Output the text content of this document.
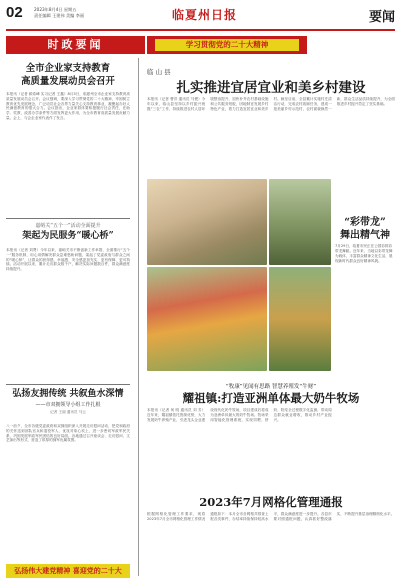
02	2023年8月4日 星期五
责任编辑 王建伟 美编 李丽	临夏州日报	要闻
时政要闻	学习贯彻党的二十大精神
全市企业家支持教育
高质量发展动员会召开
本报讯（记者 顾希峰 实习记者 王鑫）8月3日，临夏州全市企业家支持教育高质量发展动员会召开。会议强调，要深入学习贯彻党的二十大精神，牢固树立教育优先发展理念，广泛动员社会各界力量关心支持教育事业，凝聚起办好人民满意教育的强大合力。会议指出，企业家群体要积极履行社会责任，在助学、奖教、改善办学条件等方面发挥更大作用，为全市教育高质量发展贡献力量。会上，与会企业家代表作了发言。
嘉峪关“五个一”活动全面提升
架起为民服务“暖心桥”
本报讯（记者 刘贤）今年以来，嘉峪关市不断创新工作举措，全面推行“五个一”服务机制，用心用情解决群众急难愁盼问题，架起了党委政府与群众之间的“暖心桥”，让群众的获得感、幸福感、安全感更加充实、更有保障、更可持续。活动开展以来，累计走访群众数千户，解决实际问题数百件，群众满意度持续提升。
弘扬友拥传统 共叙鱼水深情
——市双拥领导小组工作扎根
记者 王丽 通讯员 马云
八一前夕，全市各级党委政府和双拥组织深入开展走访慰问活动，把党和政府的关怀送到部队官兵和退役军人、优抚对象心坎上，进一步密切军政军民关系，巩固发展军政军民团结的良好局面。各地通过召开座谈会、走访慰问、文艺演出等形式，营造了浓厚的拥军优属氛围。
弘扬伟大建党精神 喜迎党的二十大
临 山 县
扎实推进宜居宜业和美乡村建设
本报讯（记者 曹洋 通讯员 马俊）今年以来，临山县坚持以乡村振兴统揽“三农”工作，持续推进农村人居环境整治提升，加快补齐农村基础设施和公共服务短板，因地制宜发展乡村特色产业，着力打造宜居宜业和美乡村。截至目前，全县累计实施村庄清洁行动，完成农村改厕任务，建成一批美丽乡村示范村，农村面貌焕然一新，群众生活品质持续提升，为全面推进乡村振兴奠定了坚实基础。
“彩带龙”
舞出精气神
7月29日，临夏市民正在公园彩排彩带龙舞蹈。近年来，当地以彩带龙舞为载体，丰富群众精神文化生活，展现新时代群众良好精神风貌。
“牧康”见闻有思路 智慧养殖发“牛财”
耀祖镇:打造亚洲单体最大奶牛牧场
本报讯（记者 何 明 通讯员 刘 芳）近年来，耀祖镇依托资源优势，大力发展奶牛养殖产业，引进龙头企业建设现代化奶牛牧场，项目建成后将成为亚洲单体最大的奶牛牧场。牧场采用智能化管理系统，实现饲喂、挤奶、防疫全过程数字化监测，带动周边群众就业增收，推动乡村产业振兴。
2023年7月网格化管理通报
根据网格化管理工作要求，现将2023年7月全市网格化管理工作情况通报如下：本月全市各网格共排查上报各类事件，办结率持续保持较高水平，群众满意度进一步提升。各县市要对照通报问题，认真抓好整改落实，不断提升基层治理精细化水平。
